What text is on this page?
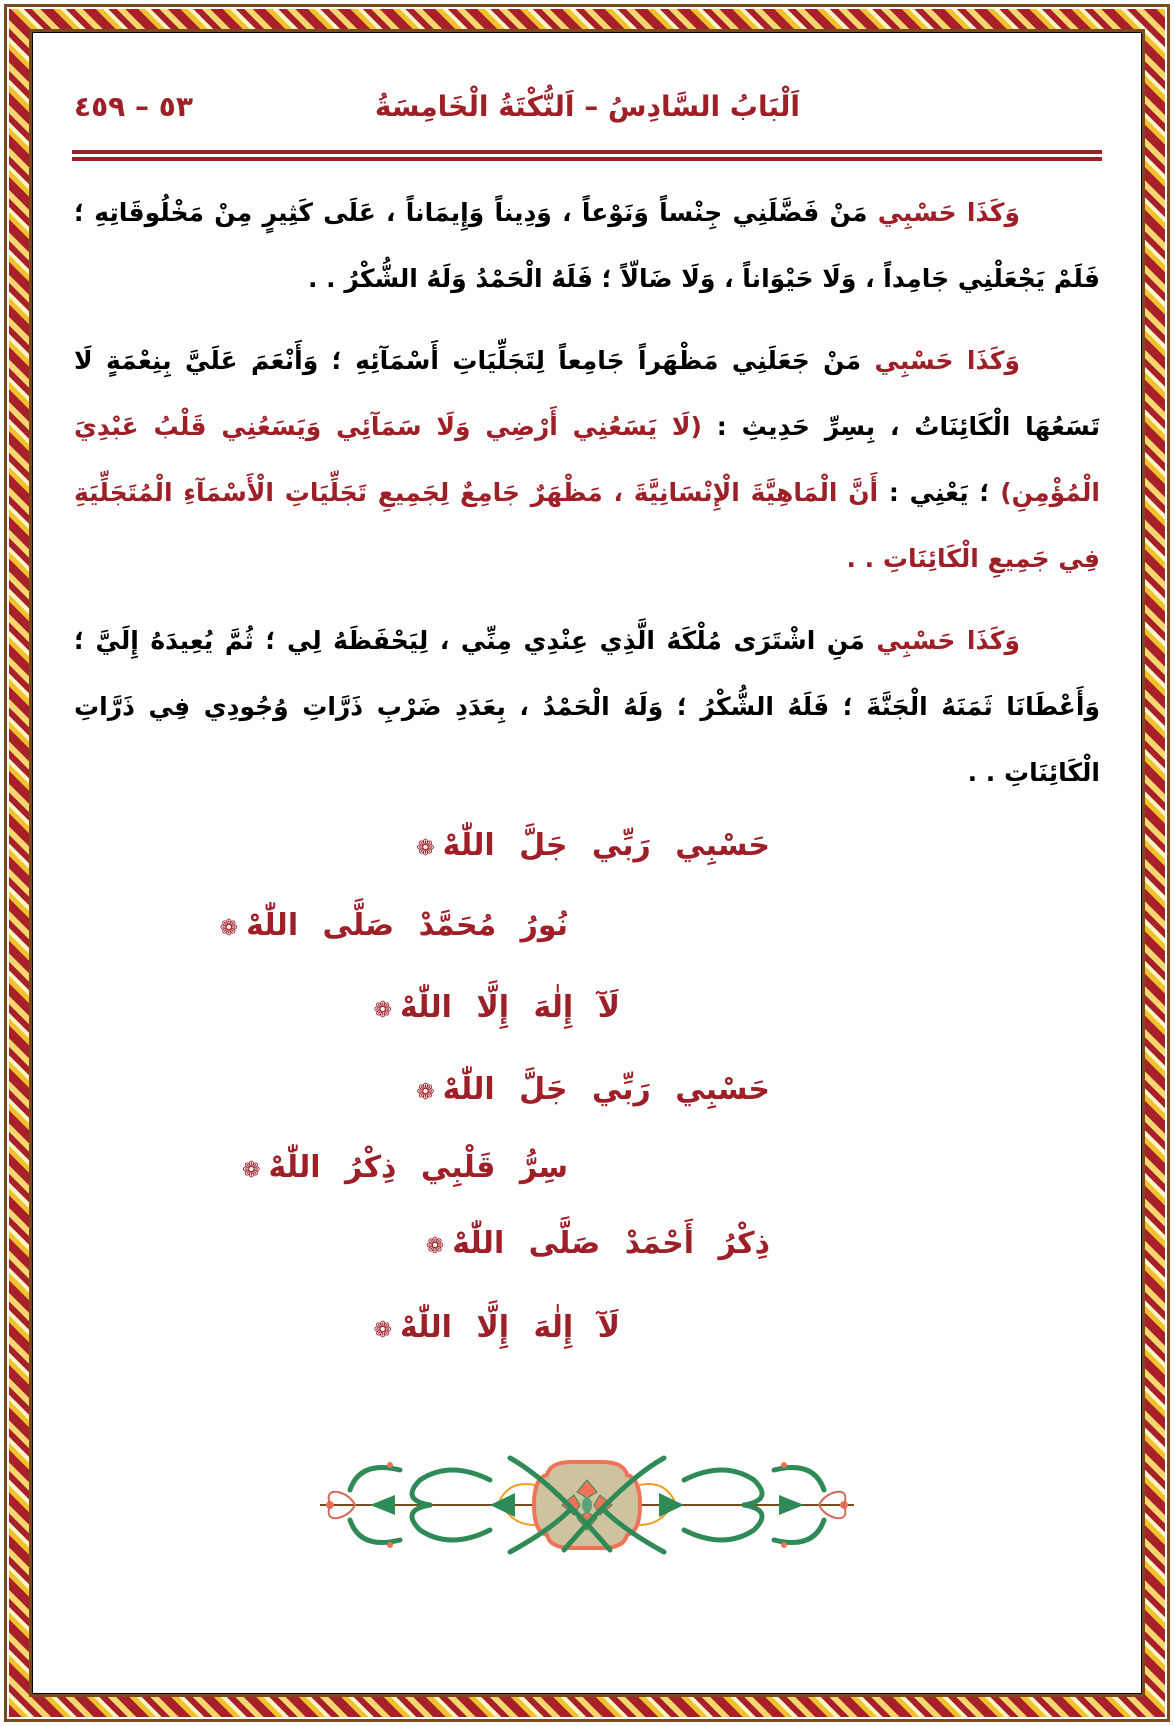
اَلْبَابُ السَّادِسُ – اَلنُّكْتَةُ الْخَامِسَةُ
٥٣ – ٤٥٩

وَكَذَا حَسْبِي مَنْ فَضَّلَنِي جِنْساً وَنَوْعاً ، وَدِيناً وَإِيمَاناً ، عَلَى كَثِيرٍ مِنْ مَخْلُوقَاتِهِ ؛ فَلَمْ يَجْعَلْنِي جَامِداً ، وَلَا حَيْوَاناً ، وَلَا ضَالّاً ؛ فَلَهُ الْحَمْدُ وَلَهُ الشُّكْرُ . .

وَكَذَا حَسْبِي مَنْ جَعَلَنِي مَظْهَراً جَامِعاً لِتَجَلِّيَاتِ أَسْمَآئِهِ ؛ وَأَنْعَمَ عَلَيَّ بِنِعْمَةٍ لَا تَسَعُهَا الْكَائِنَاتُ ، بِسِرِّ حَدِيثِ : (لَا يَسَعُنِي أَرْضِي وَلَا سَمَآئِي وَيَسَعُنِي قَلْبُ عَبْدِيَ الْمُؤْمِنِ) ؛ يَعْنِي : أَنَّ الْمَاهِيَّةَ الْإِنْسَانِيَّةَ ، مَظْهَرٌ جَامِعٌ لِجَمِيعِ تَجَلِّيَاتِ الْأَسْمَآءِ الْمُتَجَلِّيَةِ فِي جَمِيعِ الْكَائِنَاتِ . .

وَكَذَا حَسْبِي مَنِ اشْتَرَى مُلْكَهُ الَّذِي عِنْدِي مِنِّي ، لِيَحْفَظَهُ لِي ؛ ثُمَّ يُعِيدَهُ إِلَيَّ ؛ وَأَعْطَانَا ثَمَنَهُ الْجَنَّةَ ؛ فَلَهُ الشُّكْرُ ؛ وَلَهُ الْحَمْدُ ، بِعَدَدِ ضَرْبِ ذَرَّاتِ وُجُودِي فِي ذَرَّاتِ الْكَائِنَاتِ . .

حَسْبِي رَبِّي جَلَّ اللّٰهْ❁
نُورُ مُحَمَّدْ صَلَّى اللّٰهْ❁
لَآ إِلٰهَ إِلَّا اللّٰهْ❁
حَسْبِي رَبِّي جَلَّ اللّٰهْ❁
سِرُّ قَلْبِي ذِكْرُ اللّٰهْ❁
ذِكْرُ أَحْمَدْ صَلَّى اللّٰهْ❁
لَآ إِلٰهَ إِلَّا اللّٰهْ❁
